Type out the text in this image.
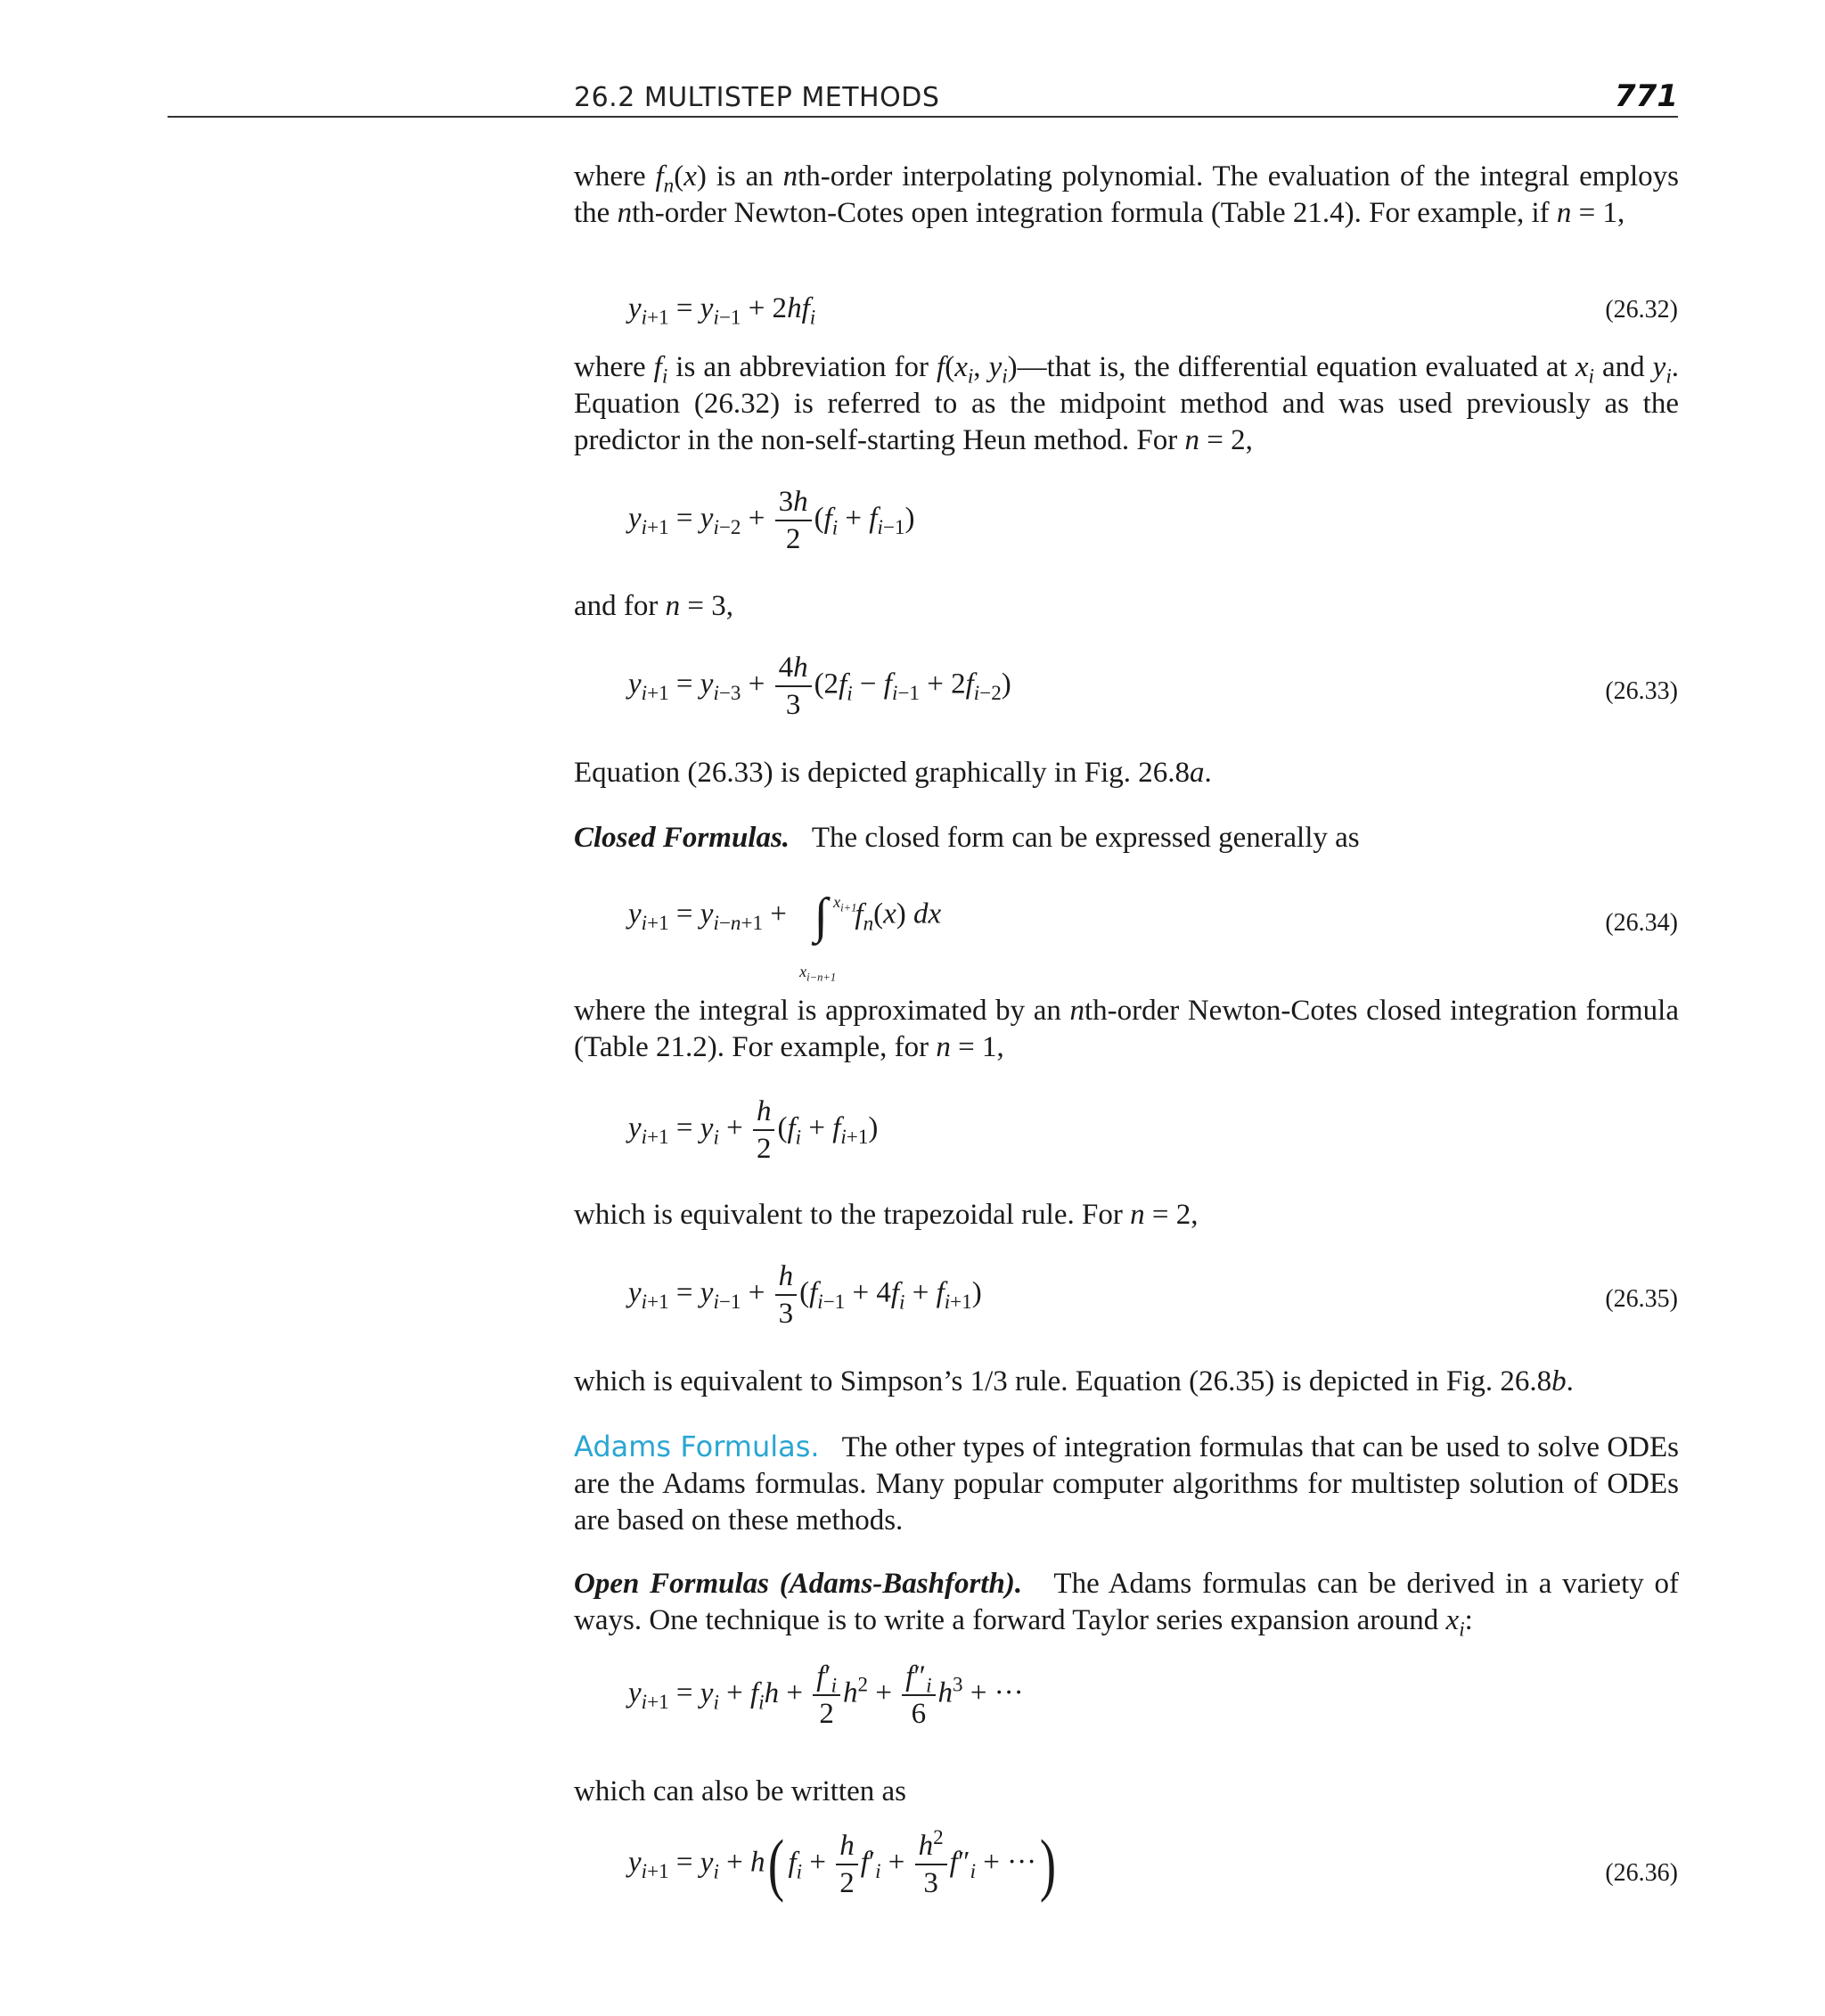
26.2 MULTISTEP METHODS	771
where $f_n(x)$ is an nth-order interpolating polynomial. The evaluation of the integral employs the nth-order Newton-Cotes open integration formula (Table 21.4). For example, if n = 1,
$y_{i+1} = y_{i-1} + 2hf_i$	(26.32)
where $f_i$ is an abbreviation for $f(x_i$, $y_i)—that$ is, the differential equation evaluated at $x_i$ and $y_i$. Equation (26.32) is referred to as the midpoint method and was used previously as the predictor in the non-self-starting Heun method. For n = 2,
$y_{i+1} = y_{i-2} + \frac{3h}{2} (f_i + f_{i-1})$
and for n = 3,
$y_{i+1} = y_{i-3} + \frac{4h}{3} (2f_i - f_{i-1} + 2f_{i-2})$	(26.33)
Equation (26.33) is depicted graphically in Fig. 26.8a.
Closed Formulas. The closed form can be expressed generally as
$y_{i+1} = y_{i-n+1}$ + ∫ $x_{i+1}$
$x_{i-n+1}$
$f_n(x)$ dx	(26.34)
where the integral is approximated by an nth-order Newton-Cotes closed integration formula (Table 21.2). For example, for n = 1,
$y_{i+1} = y_i + \frac{h}{2} (f_i + f_{i+1})$
which is equivalent to the trapezoidal rule. For n = 2,
$y_{i+1} = y_{i-1} + \frac{h}{3} (f_{i-1} + 4f_i + f_{i+1})$	(26.35)
which is equivalent to Simpson’s 1/3 rule. Equation (26.35) is depicted in Fig. 26.8b.
Adams Formulas. The other types of integration formulas that can be used to solve ODEs are the Adams formulas. Many popular computer algorithms for multistep solution of ODEs are based on these methods.
Open Formulas (Adams-Bashforth). The Adams formulas can be derived in a variety of ways. One technique is to write a forward Taylor series expansion around $x_i$:
$y_{i+1} = y_i + f_ih + \frac{f'_i}{2} h^2 + \frac{f''_i}{6} h^3$ + ···
which can also be written as
$y_{i+1} = y_i + h$( $f_i + \frac{h}{2} f'_i + \frac{h^2}{3} f''_i$ + ···)	(26.36)
